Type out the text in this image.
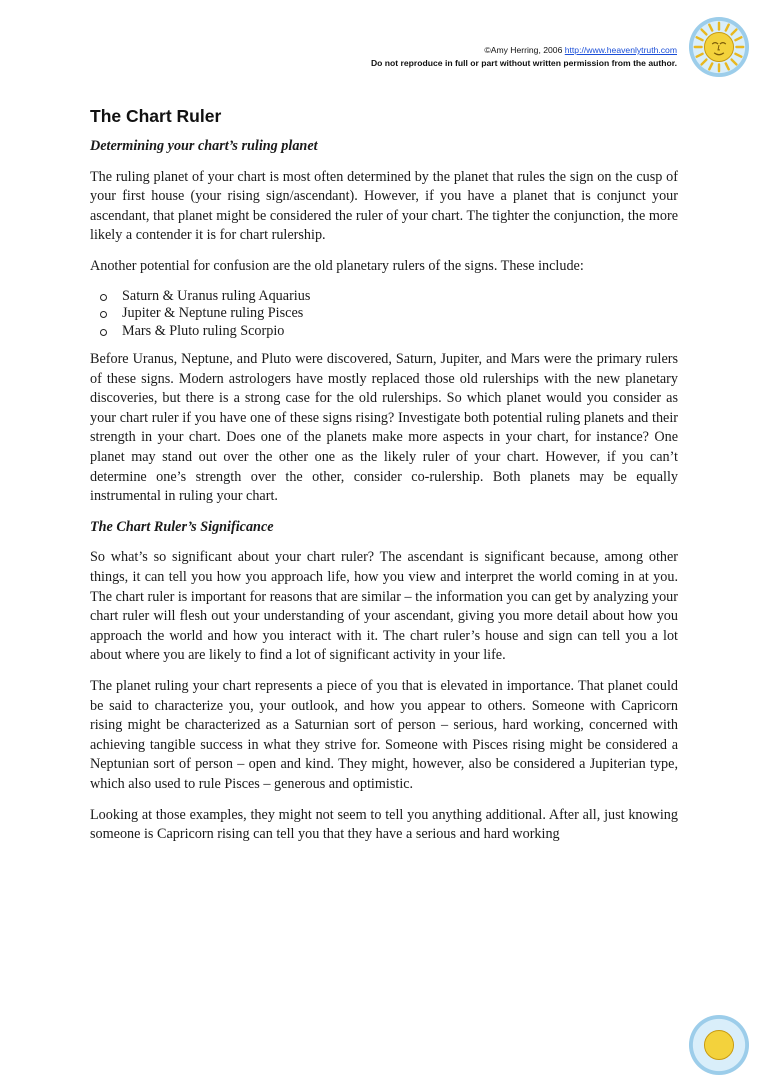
©Amy Herring, 2006 http://www.heavenlytruth.com
Do not reproduce in full or part without written permission from the author.
The Chart Ruler
Determining your chart’s ruling planet

The ruling planet of your chart is most often determined by the planet that rules the sign on the cusp of your first house (your rising sign/ascendant). However, if you have a planet that is conjunct your ascendant, that planet might be considered the ruler of your chart. The tighter the conjunction, the more likely a contender it is for chart rulership.

Another potential for confusion are the old planetary rulers of the signs. These include:

Saturn & Uranus ruling Aquarius
Jupiter & Neptune ruling Pisces
Mars & Pluto ruling Scorpio

Before Uranus, Neptune, and Pluto were discovered, Saturn, Jupiter, and Mars were the primary rulers of these signs. Modern astrologers have mostly replaced those old rulerships with the new planetary discoveries, but there is a strong case for the old rulerships. So which planet would you consider as your chart ruler if you have one of these signs rising? Investigate both potential ruling planets and their strength in your chart. Does one of the planets make more aspects in your chart, for instance? One planet may stand out over the other one as the likely ruler of your chart. However, if you can’t determine one’s strength over the other, consider co-rulership. Both planets may be equally instrumental in ruling your chart.

The Chart Ruler’s Significance

So what’s so significant about your chart ruler? The ascendant is significant because, among other things, it can tell you how you approach life, how you view and interpret the world coming in at you. The chart ruler is important for reasons that are similar – the information you can get by analyzing your chart ruler will flesh out your understanding of your ascendant, giving you more detail about how you approach the world and how you interact with it. The chart ruler’s house and sign can tell you a lot about where you are likely to find a lot of significant activity in your life.

The planet ruling your chart represents a piece of you that is elevated in importance. That planet could be said to characterize you, your outlook, and how you appear to others. Someone with Capricorn rising might be characterized as a Saturnian sort of person – serious, hard working, concerned with achieving tangible success in what they strive for. Someone with Pisces rising might be considered a Neptunian sort of person – open and kind. They might, however, also be considered a Jupiterian type, which also used to rule Pisces – generous and optimistic.

Looking at those examples, they might not seem to tell you anything additional. After all, just knowing someone is Capricorn rising can tell you that they have a serious and hard working
